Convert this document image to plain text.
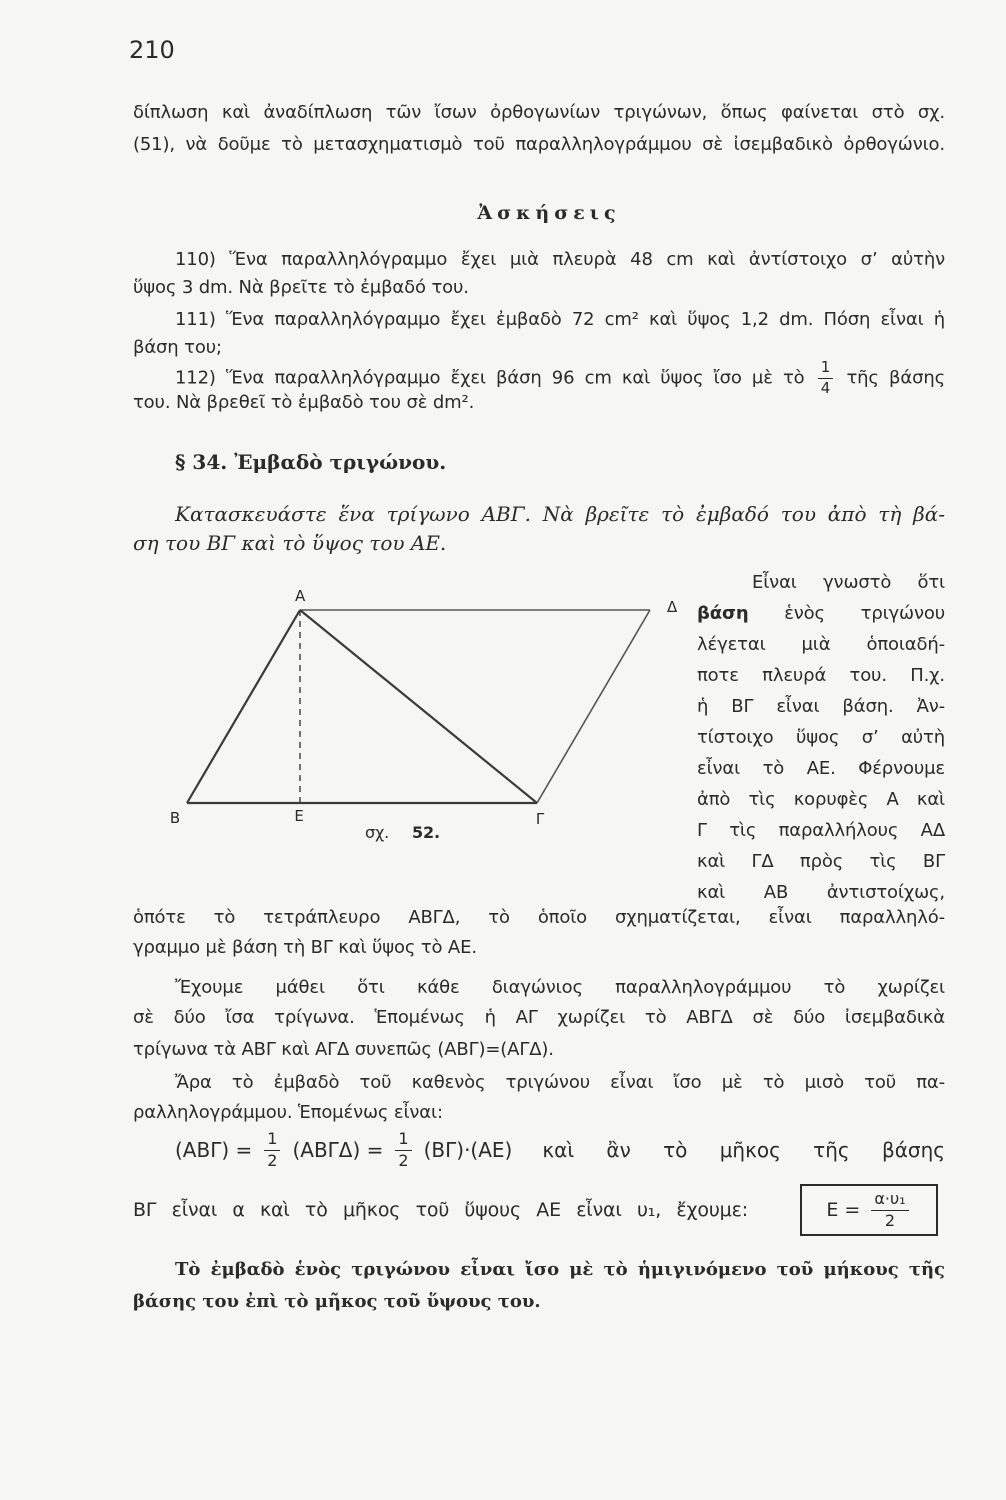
210
δίπλωση καὶ ἀναδίπλωση τῶν ἴσων ὀρθογωνίων τριγώνων, ὅπως φαίνεται στὸ σχ.
(51), νὰ δοῦμε τὸ μετασχηματισμὸ τοῦ παραλληλογράμμου σὲ ἰσεμβαδικὸ ὀρθογώνιο.
Ἀσκήσεις
110) Ἕνα παραλληλόγραμμο ἔχει μιὰ πλευρὰ 48 cm καὶ ἀντίστοιχο σ’ αὐτὴν
ὕψος 3 dm. Νὰ βρεῖτε τὸ ἐμβαδό του.
111) Ἕνα παραλληλόγραμμο ἔχει ἐμβαδὸ 72 cm² καὶ ὕψος 1,2 dm. Πόση εἶναι ἡ
βάση του;
112) Ἕνα παραλληλόγραμμο ἔχει βάση 96 cm καὶ ὕψος ἴσο μὲ τὸ $\frac{1}{4}$ τῆς βάσης
του. Νὰ βρεθεῖ τὸ ἐμβαδὸ του σὲ dm².
§ 34. Ἐμβαδὸ τριγώνου.
Κατασκευάστε ἕνα τρίγωνο ΑΒΓ. Νὰ βρεῖτε τὸ ἐμβαδό του ἀπὸ τὴ βά-
ση του ΒΓ καὶ τὸ ὕψος του ΑΕ.
Εἶναι γνωστὸ ὅτι
βάση ἑνὸς τριγώνου
λέγεται μιὰ ὁποιαδή-
ποτε πλευρά του. Π.χ.
ἡ ΒΓ εἶναι βάση. Ἀν-
τίστοιχο ὕψος σ’ αὐτὴ
εἶναι τὸ ΑΕ. Φέρνουμε
ἀπὸ τὶς κορυφὲς Α καὶ
Γ τὶς παραλλήλους ΑΔ
καὶ ΓΔ πρὸς τὶς ΒΓ
καὶ ΑΒ ἀντιστοίχως,
Α
Δ
Β	Ε	Γ
σχ. 52.
ὁπότε τὸ τετράπλευρο ΑΒΓΔ, τὸ ὁποῖο σχηματίζεται, εἶναι παραλληλό-
γραμμο μὲ βάση τὴ ΒΓ καὶ ὕψος τὸ ΑΕ.
Ἔχουμε μάθει ὅτι κάθε διαγώνιος παραλληλογράμμου τὸ χωρίζει
σὲ δύο ἴσα τρίγωνα. Ἑπομένως ἡ ΑΓ χωρίζει τὸ ΑΒΓΔ σὲ δύο ἰσεμβαδικὰ
τρίγωνα τὰ ΑΒΓ καὶ ΑΓΔ συνεπῶς (ΑΒΓ)=(ΑΓΔ).
Ἄρα τὸ ἐμβαδὸ τοῦ καθενὸς τριγώνου εἶναι ἴσο μὲ τὸ μισὸ τοῦ πα-
ραλληλογράμμου. Ἑπομένως εἶναι:
$(AB\Gamma) = \frac{1}{2} (AB\Gamma\Delta) = \frac{1}{2} (B\Gamma)\cdot(AE)$ καὶ ἂν τὸ μῆκος τῆς βάσης
ΒΓ εἶναι α καὶ τὸ μῆκος τοῦ ὕψους ΑΕ εἶναι υ₁, ἔχουμε:	$E = \frac{\text{α·υ₁}}{2}$
Τὸ ἐμβαδὸ ἑνὸς τριγώνου εἶναι ἴσο μὲ τὸ ἡμιγινόμενο τοῦ μήκους τῆς
βάσης του ἐπὶ τὸ μῆκος τοῦ ὕψους του.
